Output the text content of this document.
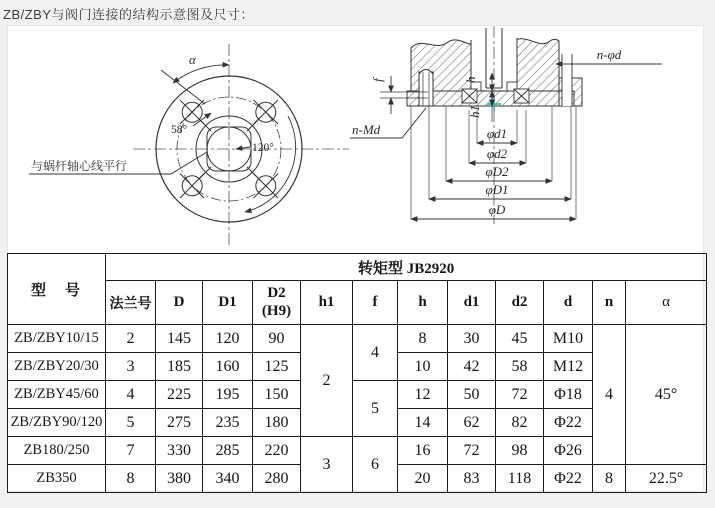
ZB/ZBY与阀门连接的结构示意图及尺寸：
α
58°
120°
与蜗杆轴心线平行
h
h1
f
n-φd
n-Md	φd1
φd2
φD2
φD1
φD
型　号	转矩型 JB2920											
	法兰号	D	D1	D2
(H9)	h1	f	h	d1	d2	d	n	α
ZB/ZBY10/15	2	145	120	90	2	4	8	30	45	M10	4	45°
ZB/ZBY20/30	3	185	160	125			10	42	58	M12		
ZB/ZBY45/60	4	225	195	150		5	12	50	72	Φ18		
ZB/ZBY90/120	5	275	235	180			14	62	82	Φ22		
ZB180/250	7	330	285	220	3	6	16	72	98	Φ26		
ZB350	8	380	340	280			20	83	118	Φ22	8	22.5°
